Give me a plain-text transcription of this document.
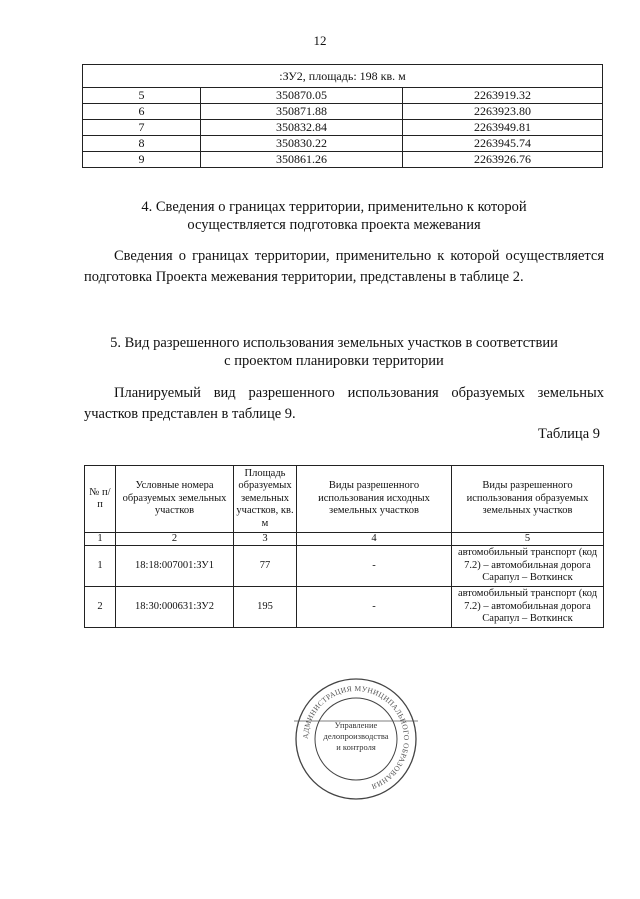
12
:ЗУ2, площадь: 198 кв. м		
5	350870.05	2263919.32
6	350871.88	2263923.80
7	350832.84	2263949.81
8	350830.22	2263945.74
9	350861.26	2263926.76
4. Сведения о границах территории, применительно к которой
осуществляется подготовка проекта межевания
Сведения о границах территории, применительно к которой осуществляется подготовка Проекта межевания территории, представлены в таблице 2.
5. Вид разрешенного использования земельных участков в соответствии
с проектом планировки территории
Планируемый вид разрешенного использования образуемых земельных участков представлен в таблице 9.
Таблица 9
№ п/п	Условные номера образуемых земельных участков	Площадь образуемых земельных участков, кв. м	Виды разрешенного использования исходных земельных участков	Виды разрешенного использования образуемых земельных участков
1	2	3	4	5
1	18:18:007001:ЗУ1	77	-	автомобильный транспорт (код 7.2) – автомобильная дорога Сарапул – Воткинск
2	18:30:000631:ЗУ2	195	-	автомобильный транспорт (код 7.2) – автомобильная дорога Сарапул – Воткинск
АДМИНИСТРАЦИЯ МУНИЦИПАЛЬНОГО ОБРАЗОВАНИЯ
Управление
делопроизводства
и контроля
